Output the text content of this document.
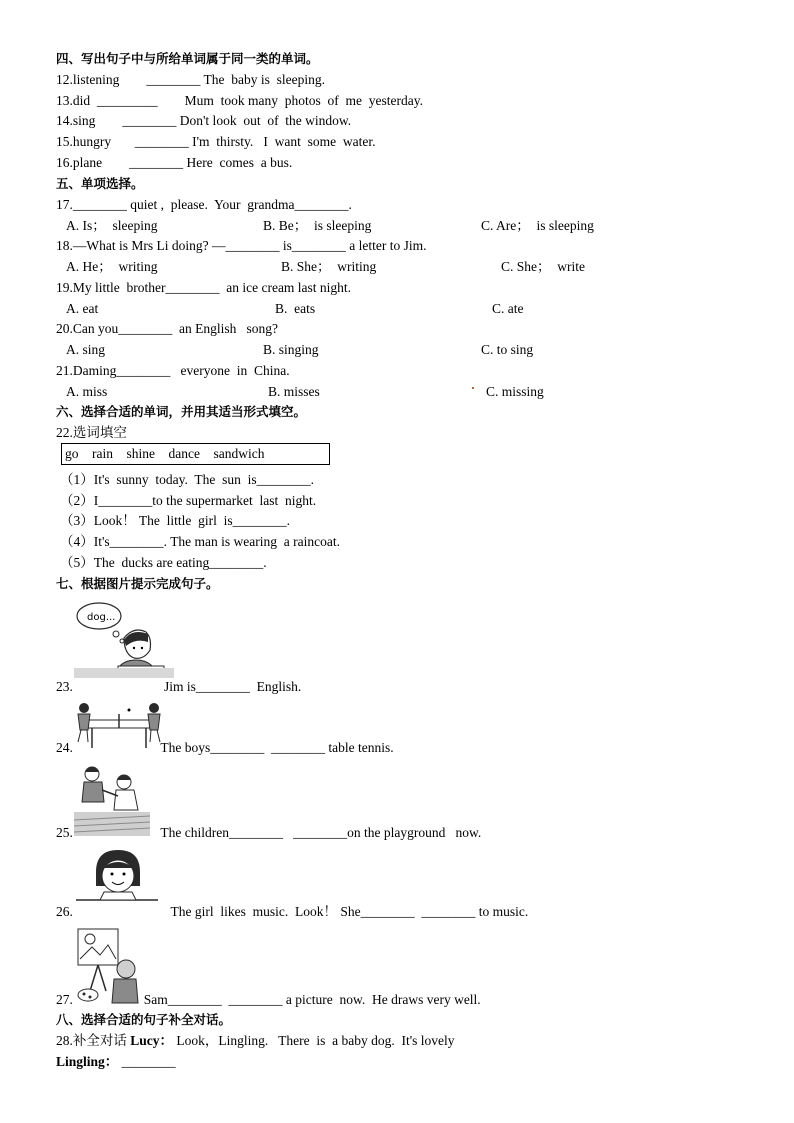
四、写出句子中与所给单词属于同一类的单词。
12.listening        ________ The  baby is  sleeping.
13.did  _________        Mum  took many  photos  of  me  yesterday.
14.sing        ________ Don't look  out  of  the window.
15.hungry       ________ I'm  thirsty.   I  want  some  water.
16.plane        ________ Here  comes  a bus.
五、单项选择。
17.________ quiet ,  please.  Your  grandma________.
A. Is；  sleeping	B. Be；  is sleeping	C. Are；  is sleeping
18.—What is Mrs Li doing? —________ is________ a letter to Jim.
A. He；  writing	B. She；  writing	C. She；  write
19.My little  brother________  an ice cream last night.
A. eat	B.  eats	C. ate
20.Can you________  an English   song?
A. sing	B. singing	C. to sing
21.Daming________   everyone  in  China.
A. miss	B. misses	C. missing
六、选择合适的单词，并用其适当形式填空。
22.选词填空
go    rain    shine    dance    sandwich
（1）It's  sunny  today.  The  sun  is________.
（2）I________to the supermarket  last  night.
（3）Look！ The  little  girl  is________.
（4）It's________. The man is wearing  a raincoat.
（5）The  ducks are eating________.
七、根据图片提示完成句子。
dog...
23.                           Jim is________  English.
24.                          The boys________  ________ table tennis.
25.                          The children________   ________on the playground   now.
26.                             The girl  likes  music.  Look！ She________  ________ to music.
27.                     Sam________  ________ a picture  now.  He draws very well.
八、选择合适的句子补全对话。
28.补全对话 Lucy： Look，Lingling.   There  is  a baby dog.  It's lovely
Lingling： ________
